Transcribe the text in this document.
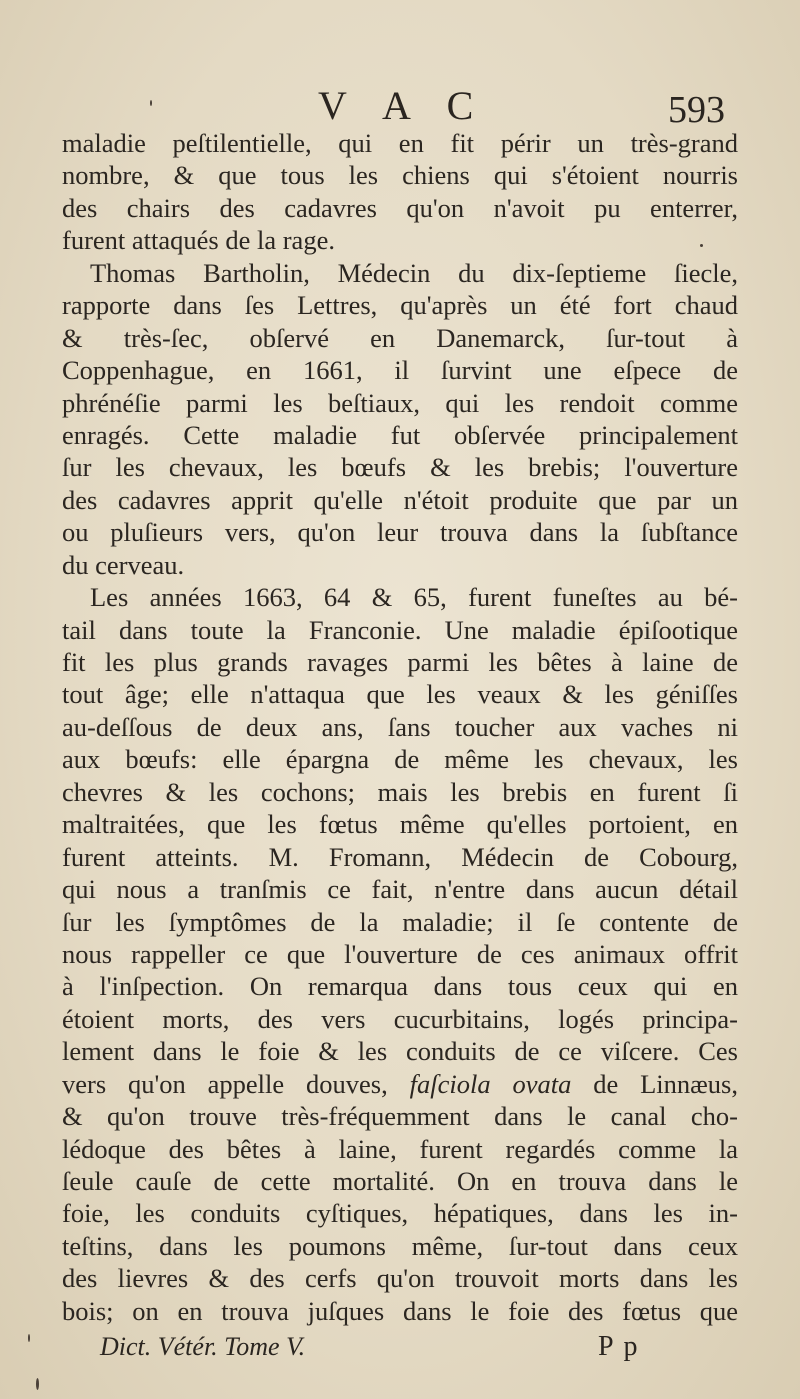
V A C	593
maladie peſtilentielle, qui en fit périr un très-grand
nombre, & que tous les chiens qui s'étoient nourris
des chairs des cadavres qu'on n'avoit pu enterrer,
furent attaqués de la rage.
Thomas Bartholin, Médecin du dix-ſeptieme ſiecle,
rapporte dans ſes Lettres, qu'après un été fort chaud
& très-ſec, obſervé en Danemarck, ſur-tout à
Coppenhague, en 1661, il ſurvint une eſpece de
phrénéſie parmi les beſtiaux, qui les rendoit comme
enragés. Cette maladie fut obſervée principalement
ſur les chevaux, les bœufs & les brebis; l'ouverture
des cadavres apprit qu'elle n'étoit produite que par un
ou pluſieurs vers, qu'on leur trouva dans la ſubſtance
du cerveau.
Les années 1663, 64 & 65, furent funeſtes au bé-
tail dans toute la Franconie. Une maladie épiſootique
fit les plus grands ravages parmi les bêtes à laine de
tout âge; elle n'attaqua que les veaux & les géniſſes
au-deſſous de deux ans, ſans toucher aux vaches ni
aux bœufs: elle épargna de même les chevaux, les
chevres & les cochons; mais les brebis en furent ſi
maltraitées, que les fœtus même qu'elles portoient, en
furent atteints. M. Fromann, Médecin de Cobourg,
qui nous a tranſmis ce fait, n'entre dans aucun détail
ſur les ſymptômes de la maladie; il ſe contente de
nous rappeller ce que l'ouverture de ces animaux offrit
à l'inſpection. On remarqua dans tous ceux qui en
étoient morts, des vers cucurbitains, logés principa-
lement dans le foie & les conduits de ce viſcere. Ces
vers qu'on appelle douves, faſciola ovata de Linnæus,
& qu'on trouve très-fréquemment dans le canal cho-
lédoque des bêtes à laine, furent regardés comme la
ſeule cauſe de cette mortalité. On en trouva dans le
foie, les conduits cyſtiques, hépatiques, dans les in-
teſtins, dans les poumons même, ſur-tout dans ceux
des lievres & des cerfs qu'on trouvoit morts dans les
bois; on en trouva juſques dans le foie des fœtus que
Dict. Vétér. Tome V.	P p
